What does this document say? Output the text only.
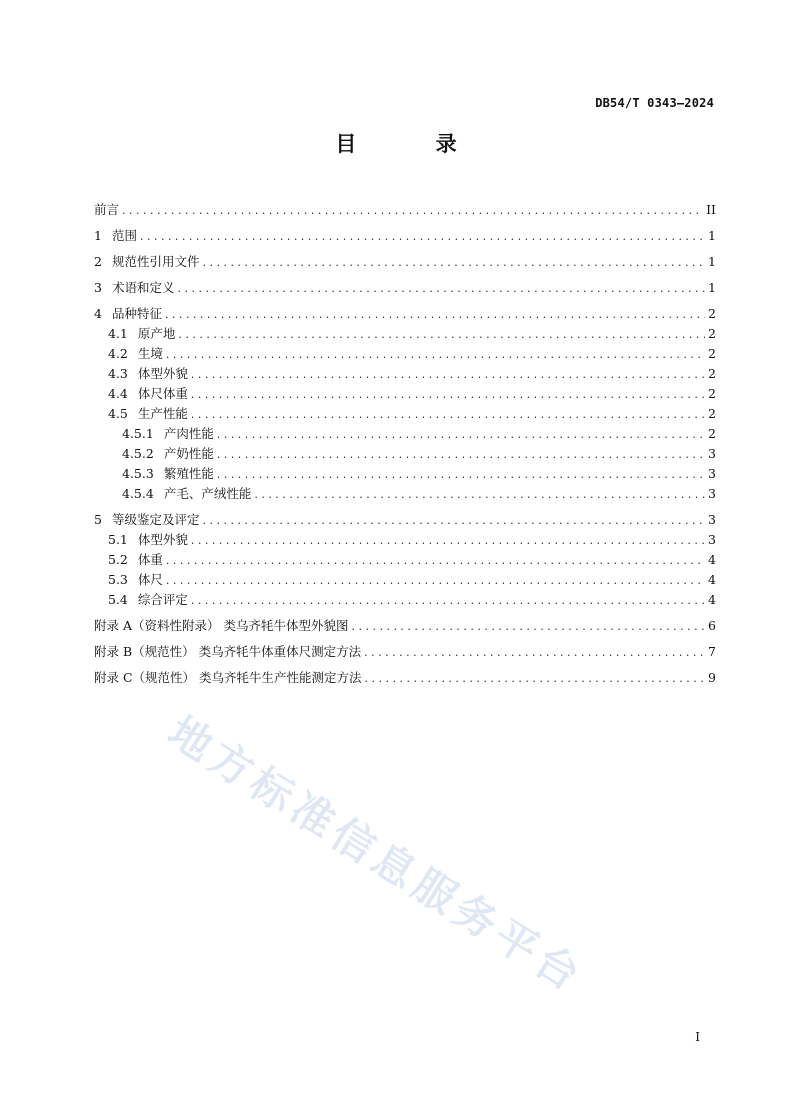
DB54/T 0343—2024
目 录
前言 . . .	II
1 范围 . . .	1
2 规范性引用文件 . . .	1
3 术语和定义 . . .	1
4 品种特征 . . .	2
4.1 原产地 . . .	2
4.2 生境 . . .	2
4.3 体型外貌 . . .	2
4.4 体尺体重 . . .	2
4.5 生产性能 . . .	2
4.5.1 产肉性能 . . .	2
4.5.2 产奶性能 . . .	3
4.5.3 繁殖性能 . . .	3
4.5.4 产毛、产绒性能 . . .	3
5 等级鉴定及评定 . . .	3
5.1 体型外貌 . . .	3
5.2 体重 . . .	4
5.3 体尺 . . .	4
5.4 综合评定 . . .	4
附录 A（资料性附录） 类乌齐牦牛体型外貌图 . . .	6
附录 B（规范性） 类乌齐牦牛体重体尺测定方法 . . .	7
附录 C（规范性） 类乌齐牦牛生产性能测定方法 . . .	9
地方标准信息服务平台
I
